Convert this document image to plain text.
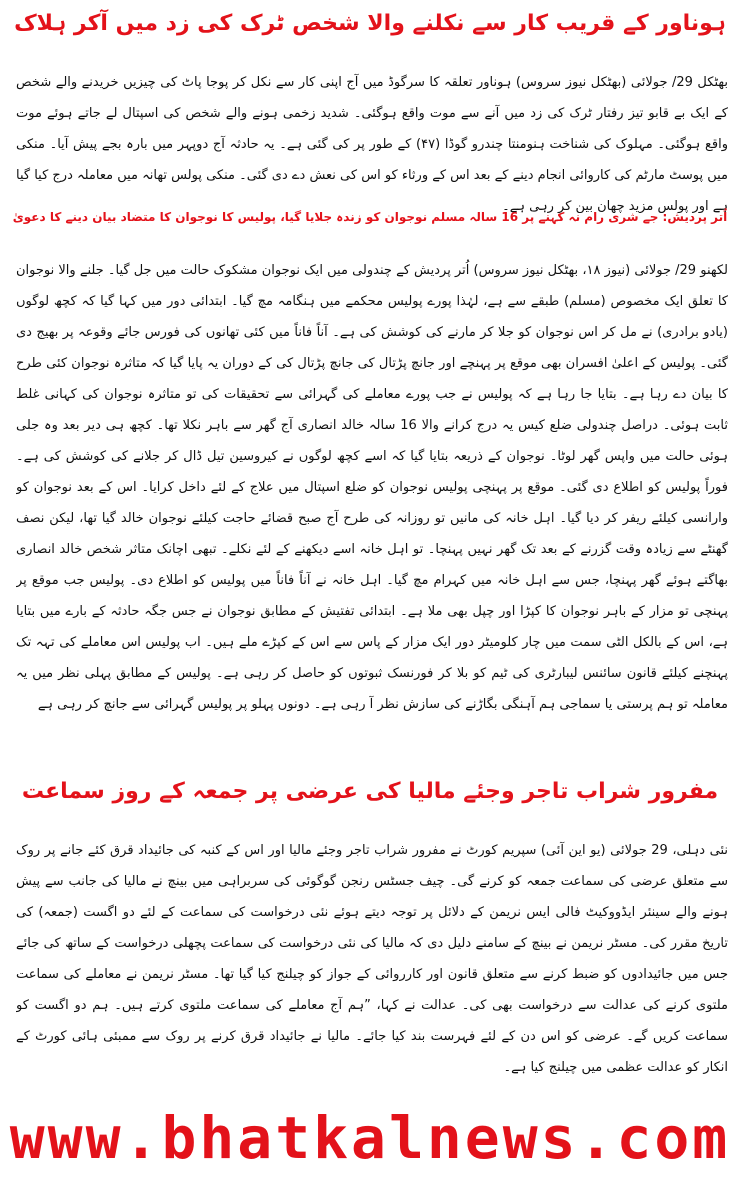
ہوناور کے قریب کار سے نکلنے والا شخص ٹرک کی زد میں آکر ہلاک

بھٹکل 29/ جولائی (بھٹکل نیوز سروس) ہوناور تعلقہ کا سرگوڈ میں آج اپنی کار سے نکل کر پوجا پاٹ کی چیزیں خریدنے والے شخص کے ایک بے قابو تیز رفتار ٹرک کی زد میں آنے سے موت واقع ہوگئی۔ شدید زخمی ہونے والے شخص کی اسپتال لے جاتے ہوئے موت واقع ہوگئی۔ مہلوک کی شناخت ہنومنتا چندرو گوڈا (۴۷) کے طور پر کی گئی ہے۔ یہ حادثہ آج دوپہر میں بارہ بجے پیش آیا۔ منکی میں پوسٹ مارٹم کی کاروائی انجام دینے کے بعد اس کے ورثاء کو اس کی نعش دے دی گئی۔ منکی پولس تھانہ میں معاملہ درج کیا گیا ہے اور پولس مزید چھان بین کر رہی ہے۔

اُتر پردیش: جے شری رام نہ کہنے پر 16 سالہ مسلم نوجوان کو زندہ جلایا گیا، پولیس کا نوجوان کا متضاد بیان دینے کا دعویٰ

لکھنو 29/ جولائی (نیوز ۱۸، بھٹکل نیوز سروس) اُتر پردیش کے چندولی میں ایک نوجوان مشکوک حالت میں جل گیا۔ جلنے والا نوجوان کا تعلق ایک مخصوص (مسلم) طبقے سے ہے، لہٰذا پورے پولیس محکمے میں ہنگامہ مچ گیا۔ ابتدائی دور میں کہا گیا کہ کچھ لوگوں (یادو برادری) نے مل کر اس نوجوان کو جلا کر مارنے کی کوشش کی ہے۔ آناً فاناً میں کئی تھانوں کی فورس جائے وقوعہ پر بھیج دی گئی۔ پولیس کے اعلیٰ افسران بھی موقع پر پہنچے اور جانچ پڑتال کی جانچ پڑتال کی کے دوران یہ پایا گیا کہ متاثرہ نوجوان کئی طرح کا بیان دے رہا ہے۔ بتایا جا رہا ہے کہ پولیس نے جب پورے معاملے کی گہرائی سے تحقیقات کی تو متاثرہ نوجوان کی کہانی غلط ثابت ہوئی۔ دراصل چندولی ضلع کیس یہ درج کرانے والا 16 سالہ خالد انصاری آج گھر سے باہر نکلا تھا۔ کچھ ہی دیر بعد وہ جلی ہوئی حالت میں واپس گھر لوٹا۔ نوجوان کے ذریعہ بتایا گیا کہ اسے کچھ لوگوں نے کیروسین تیل ڈال کر جلانے کی کوشش کی ہے۔ فوراً پولیس کو اطلاع دی گئی۔ موقع پر پہنچی پولیس نوجوان کو ضلع اسپتال میں علاج کے لئے داخل کرایا۔ اس کے بعد نوجوان کو وارانسی کیلئے ریفر کر دیا گیا۔ اہل خانہ کی مانیں تو روزانہ کی طرح آج صبح قضائے حاجت کیلئے نوجوان خالد گیا تھا، لیکن نصف گھنٹے سے زیادہ وقت گزرنے کے بعد تک گھر نہیں پہنچا۔ تو اہل خانہ اسے دیکھنے کے لئے نکلے۔ تبھی اچانک متاثر شخص خالد انصاری بھاگتے ہوئے گھر پہنچا، جس سے اہل خانہ میں کہرام مچ گیا۔ اہل خانہ نے آناً فاناً میں پولیس کو اطلاع دی۔ پولیس جب موقع پر پہنچی تو مزار کے باہر نوجوان کا کپڑا اور چپل بھی ملا ہے۔ ابتدائی تفتیش کے مطابق نوجوان نے جس جگہ حادثہ کے بارے میں بتایا ہے، اس کے بالکل الٹی سمت میں چار کلومیٹر دور ایک مزار کے پاس سے اس کے کپڑے ملے ہیں۔ اب پولیس اس معاملے کی تہہ تک پہنچنے کیلئے قانون سائنس لیبارٹری کی ٹیم کو بلا کر فورنسک ثبوتوں کو حاصل کر رہی ہے۔ پولیس کے مطابق پہلی نظر میں یہ معاملہ تو ہم پرستی یا سماجی ہم آہنگی بگاڑنے کی سازش نظر آ رہی ہے۔ دونوں پہلو پر پولیس گہرائی سے جانچ کر رہی ہے

مفرور شراب تاجر وجئے مالیا کی عرضی پر جمعہ کے روز سماعت

نئی دہلی، 29 جولائی (یو این آئی) سپریم کورٹ نے مفرور شراب تاجر وجئے مالیا اور اس کے کنبہ کی جائیداد قرق کئے جانے پر روک سے متعلق عرضی کی سماعت جمعہ کو کرنے گی۔ چیف جسٹس رنجن گوگوئی کی سربراہی میں بینچ نے مالیا کی جانب سے پیش ہونے والے سینئر ایڈووکیٹ فالی ایس نریمن کے دلائل پر توجہ دیتے ہوئے نئی درخواست کی سماعت کے لئے دو اگست (جمعہ) کی تاریخ مقرر کی۔ مسٹر نریمن نے بینچ کے سامنے دلیل دی کہ مالیا کی نئی درخواست کی سماعت پچھلی درخواست کے ساتھ کی جائے جس میں جائیدادوں کو ضبط کرنے سے متعلق قانون اور کارروائی کے جواز کو چیلنج کیا گیا تھا۔ مسٹر نریمن نے معاملے کی سماعت ملتوی کرنے کی عدالت سے درخواست بھی کی۔ عدالت نے کہا، ”ہم آج معاملے کی سماعت ملتوی کرتے ہیں۔ ہم دو اگست کو سماعت کریں گے۔ عرضی کو اس دن کے لئے فہرست بند کیا جائے۔ مالیا نے جائیداد قرق کرنے پر روک سے ممبئی ہائی کورٹ کے انکار کو عدالت عظمی میں چیلنج کیا ہے۔

www.bhatkalnews.com
